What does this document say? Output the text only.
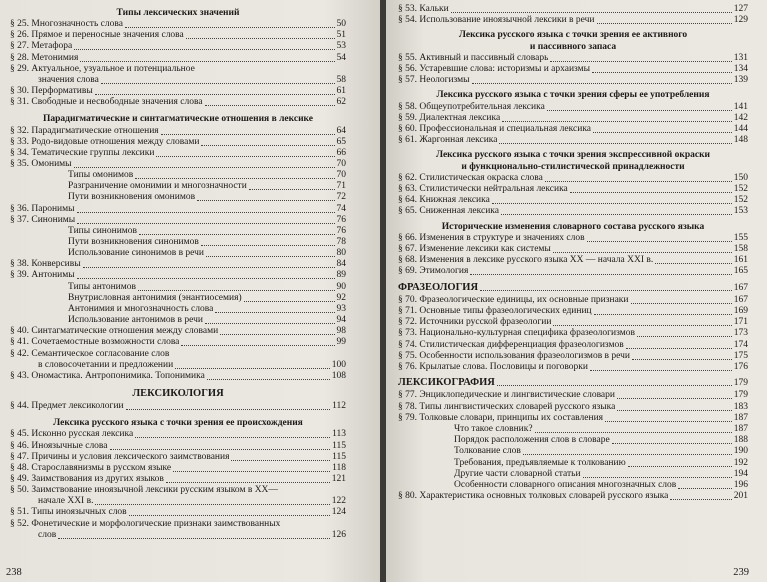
Типы лексических значений
§ 25. Многозначность слова	50
§ 26. Прямое и переносные значения слова	51
§ 27. Метафора	53
§ 28. Метонимия	54
§ 29. Актуальное, узуальное и потенциальное
значения слова	58
§ 30. Перформативы	61
§ 31. Свободные и несвободные значения слова	62
Парадигматические и синтагматические отношения в лексике
§ 32. Парадигматические отношения	64
§ 33. Родо-видовые отношения между словами	65
§ 34. Тематические группы лексики	66
§ 35. Омонимы	70
Типы омонимов	70
Разграничение омонимии и многозначности	71
Пути возникновения омонимов	72
§ 36. Паронимы	74
§ 37. Синонимы	76
Типы синонимов	76
Пути возникновения синонимов	78
Использование синонимов в речи	80
§ 38. Конверсивы	84
§ 39. Антонимы	89
Типы антонимов	90
Внутрисловная антонимия (энантиосемия)	92
Антонимия и многозначность слова	93
Использование антонимов в речи	94
§ 40. Синтагматические отношения между словами	98
§ 41. Сочетаемостные возможности слова	99
§ 42. Семантическое согласование слов
в словосочетании и предложении	100
§ 43. Ономастика. Антропонимика. Топонимика	108
ЛЕКСИКОЛОГИЯ
§ 44. Предмет лексикологии	112
Лексика русского языка с точки зрения ее происхождения
§ 45. Исконно русская лексика	113
§ 46. Иноязычные слова	115
§ 47. Причины и условия лексического заимствования	115
§ 48. Старославянизмы в русском языке	118
§ 49. Заимствования из других языков	121
§ 50. Заимствование иноязычной лексики русским языком в XX—
начале XXI в.	122
§ 51. Типы иноязычных слов	124
§ 52. Фонетические и морфологические признаки заимствованных
слов	126
238
§ 53. Кальки	127
§ 54. Использование иноязычной лексики в речи	129
Лексика русского языка с точки зрения ее активного
и пассивного запаса
§ 55. Активный и пассивный словарь	131
§ 56. Устаревшие слова: историзмы и архаизмы	134
§ 57. Неологизмы	139
Лексика русского языка с точки зрения сферы ее употребления
§ 58. Общеупотребительная лексика	141
§ 59. Диалектная лексика	142
§ 60. Профессиональная и специальная лексика	144
§ 61. Жаргонная лексика	148
Лексика русского языка с точки зрения экспрессивной окраски
и функционально-стилистической принадлежности
§ 62. Стилистическая окраска слова	150
§ 63. Стилистически нейтральная лексика	152
§ 64. Книжная лексика	152
§ 65. Сниженная лексика	153
Исторические изменения словарного состава русского языка
§ 66. Изменения в структуре и значениях слов	155
§ 67. Изменение лексики как системы	158
§ 68. Изменения в лексике русского языка XX — начала XXI в.	161
§ 69. Этимология	165
ФРАЗЕОЛОГИЯ	167
§ 70. Фразеологические единицы, их основные признаки	167
§ 71. Основные типы фразеологических единиц	169
§ 72. Источники русской фразеологии	171
§ 73. Национально-культурная специфика фразеологизмов	173
§ 74. Стилистическая дифференциация фразеологизмов	174
§ 75. Особенности использования фразеологизмов в речи	175
§ 76. Крылатые слова. Пословицы и поговорки	176
ЛЕКСИКОГРАФИЯ	179
§ 77. Энциклопедические и лингвистические словари	179
§ 78. Типы лингвистических словарей русского языка	183
§ 79. Толковые словари, принципы их составления	187
Что такое словник?	187
Порядок расположения слов в словаре	188
Толкование слов	190
Требования, предъявляемые к толкованию	192
Другие части словарной статьи	194
Особенности словарного описания многозначных слов	196
§ 80. Характеристика основных толковых словарей русского языка	201
239
